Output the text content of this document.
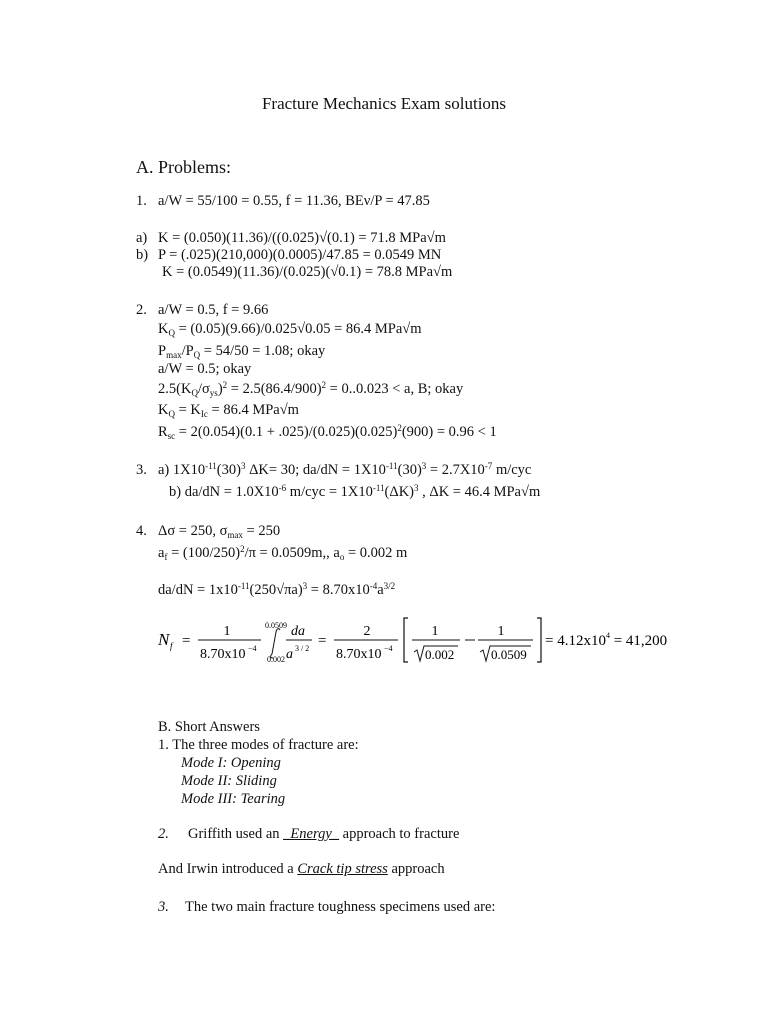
Fracture Mechanics Exam solutions
A. Problems:
1. a/W = 55/100 = 0.55, f = 11.36, BEν/P = 47.85
a) K = (0.050)(11.36)/((0.025)√(0.1) = 71.8 MPa√m
b) P = (.025)(210,000)(0.0005)/47.85 = 0.0549 MN
K = (0.0549)(11.36)/(0.025)(√0.1) = 78.8 MPa√m
2. a/W = 0.5, f = 9.66
$K_Q = (0.05)(9.66)/0.025√0.05 = 86.4$ MPa√m
$P_{max}/P_Q = 54/50 = 1.08$; okay
a/W = 0.5; okay
$2.5(K_Q/\sigma_{ys})^2 = 2.5(86.4/900)^2 = 0..0.023 < a$, B; okay
$K_Q = K_{Ic} = 86.4$ MPa√m
$R_{sc} = 2(0.054)(0.1 + .025)/(0.025)(0.025)^2(900) = 0.96 < 1$
3. a) $1X10^{-11}(30)^3$ ΔK= 30; $da/dN = 1X10^{-11}(30)^3 = 2.7X10^{-7}$ m/cyc
b) $da/dN = 1.0X10^{-6}$ $m/cyc = 1X10^{-11}(\Delta K)^3$ , ΔK = 46.4 MPa√m
4. Δσ = 250, $\sigma_{max} = 250$
$a_f = (100/250)^2/\pi = 0.0509m$,, $a_o = 0.002$ m
$da/dN = 1x10^{-11}(250√\pi a)^3 = 8.70x10^{-4}a^{3/2}$
N f =
1
8.70x10 −4
0.0509
0.002
da
a 3 / 2 =
2
8.70x10 −4
1
0.002
1
0.0509
= $4.12x10^4 = 41,200$
B. Short Answers
1. The three modes of fracture are:
Mode I: Opening
Mode II: Sliding
Mode III: Tearing
2. Griffith used an _Energy_ approach to fracture
And Irwin introduced a Crack tip stress approach
3. The two main fracture toughness specimens used are:
